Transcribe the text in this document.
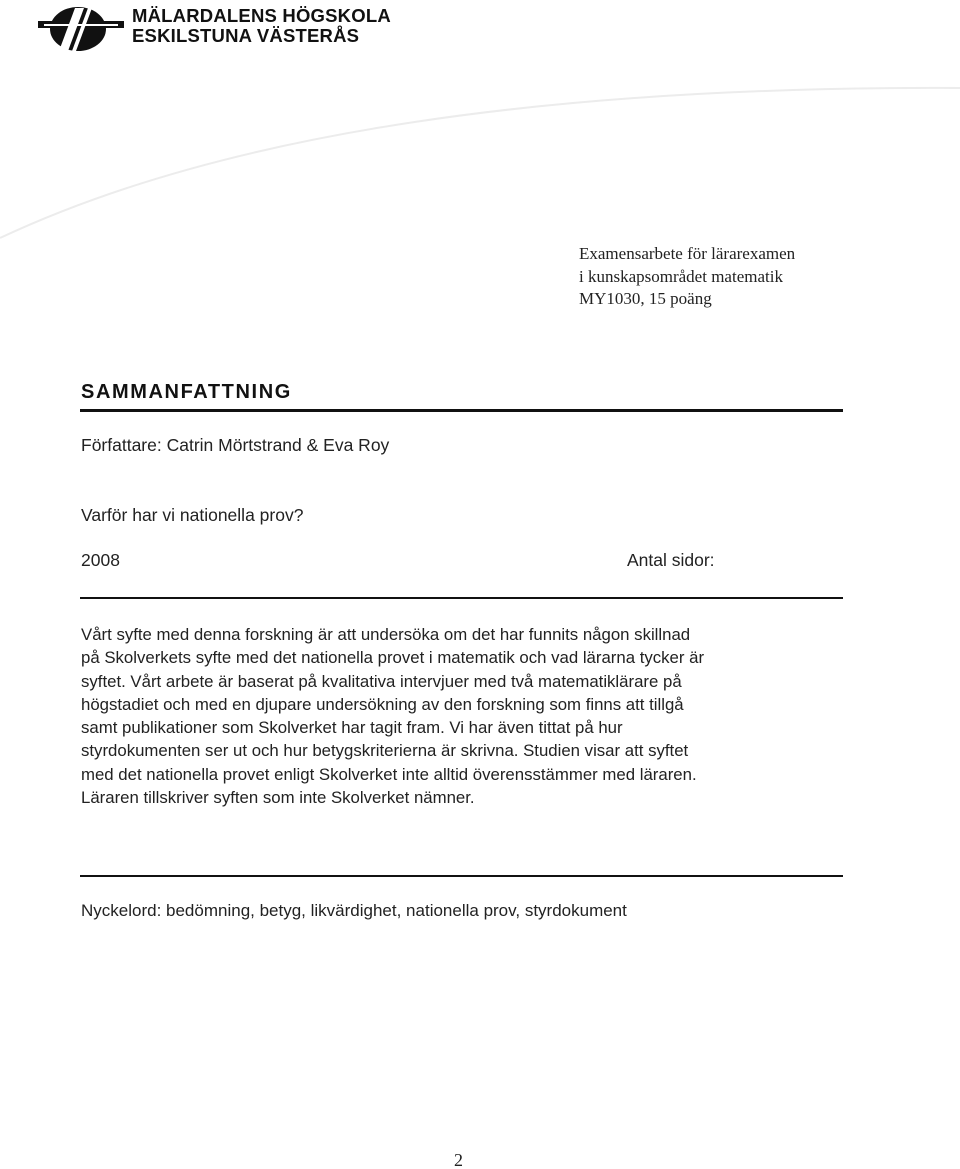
MÄLARDALENS HÖGSKOLA
ESKILSTUNA VÄSTERÅS
Examensarbete för lärarexamen
i kunskapsområdet matematik
MY1030, 15 poäng
SAMMANFATTNING
Författare: Catrin Mörtstrand & Eva Roy
Varför har vi nationella prov?
2008	Antal sidor:
Vårt syfte med denna forskning är att undersöka om det har funnits någon skillnad
på Skolverkets syfte med det nationella provet i matematik och vad lärarna tycker är
syftet. Vårt arbete är baserat på kvalitativa intervjuer med två matematiklärare på
högstadiet och med en djupare undersökning av den forskning som finns att tillgå
samt publikationer som Skolverket har tagit fram. Vi har även tittat på hur
styrdokumenten ser ut och hur betygskriterierna är skrivna. Studien visar att syftet
med det nationella provet enligt Skolverket inte alltid överensstämmer med läraren.
Läraren tillskriver syften som inte Skolverket nämner.
Nyckelord: bedömning, betyg, likvärdighet, nationella prov, styrdokument
2
